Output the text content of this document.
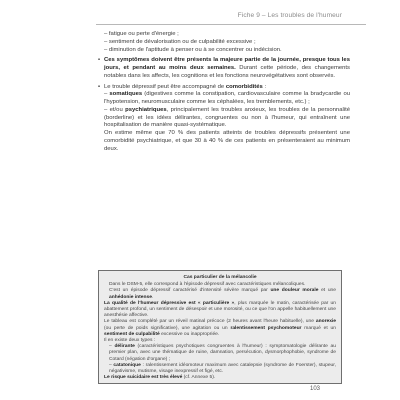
Fiche 9 – Les troubles de l'humeur

– fatigue ou perte d'énergie ;

– sentiment de dévalorisation ou de culpabilité excessive ;

– diminution de l'aptitude à penser ou à se concentrer ou indécision.

• Ces symptômes doivent être présents la majeure partie de la journée, presque tous les jours, et pendant au moins deux semaines. Durant cette période, des changements notables dans les affects, les cognitions et les fonctions neurovégétatives sont observés.

• Le trouble dépressif peut être accompagné de comorbidités :

– somatiques (digestives comme la constipation, cardiovasculaire comme la bradycardie ou l'hypotension, neuromusculaire comme les céphalées, les tremblements, etc.) ;

– et/ou psychiatriques, principalement les troubles anxieux, les troubles de la personnalité (borderline) et les idées délirantes, congruentes ou non à l'humeur, qui entraînent une hospitalisation de manière quasi-systématique.

On estime même que 70 % des patients atteints de troubles dépressifs présentent une comorbidité psychiatrique, et que 30 à 40 % de ces patients en présenteraient au minimum deux.

Cas particulier de la mélancolie

Dans le DSM-5, elle correspond à l'épisode dépressif avec caractéristiques mélancoliques.

C'est un épisode dépressif caractérisé d'intensité sévère marqué par une douleur morale et une anhédonie intense.

La qualité de l'humeur dépressive est « particulière », plus marquée le matin, caractérisée par un abattement profond, un sentiment de désespoir et une morosité, ou ce que l'on appelle habituellement une anesthésie affective.

Le tableau est complété par un réveil matinal précoce (2 heures avant l'heure habituelle), une anorexie (ou perte de poids significative), une agitation ou un ralentissement psychomoteur marqué et un sentiment de culpabilité excessive ou inappropriée.

Il en existe deux types :

– délirante (caractéristiques psychotiques congruentes à l'humeur) : symptomatologie délirante au premier plan, avec une thématique de ruine, damnation, persécution, dysmorphophobie, syndrome de Cotard (négation d'organe) ;

– catatonique : ralentissement idéomoteur maximum avec catalepsie (syndrome de Foerster), stupeur, négativisme, mutisme, visage inexpressif et figé, etc.

Le risque suicidaire est très élevé (cf. Annexe 5).

103
